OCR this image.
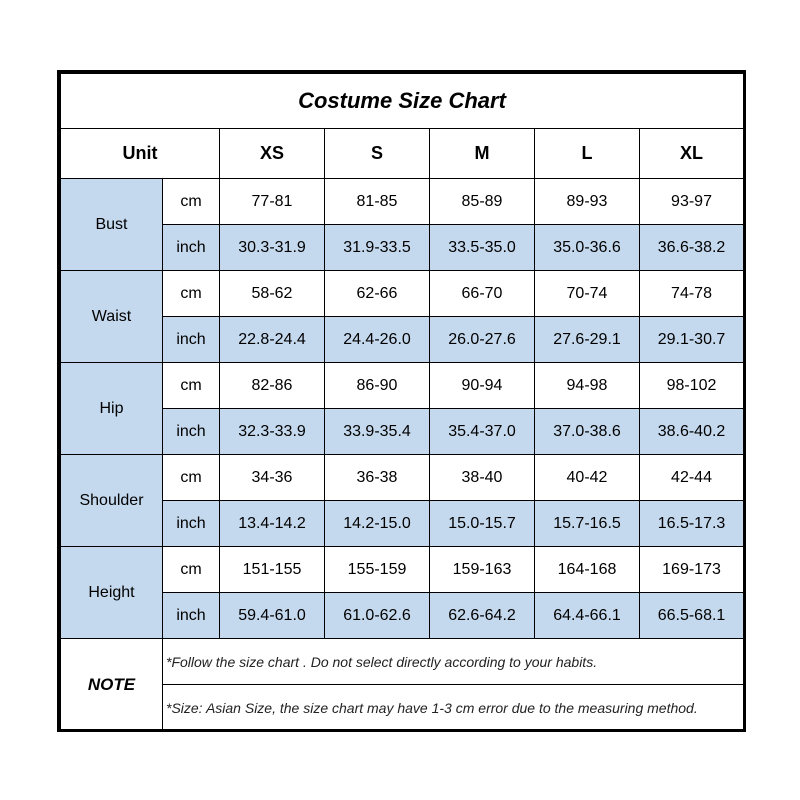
Costume Size Chart						
Unit		XS	S	M	L	XL
Bust	cm	77-81	81-85	85-89	89-93	93-97
	inch	30.3-31.9	31.9-33.5	33.5-35.0	35.0-36.6	36.6-38.2
Waist	cm	58-62	62-66	66-70	70-74	74-78
	inch	22.8-24.4	24.4-26.0	26.0-27.6	27.6-29.1	29.1-30.7
Hip	cm	82-86	86-90	90-94	94-98	98-102
	inch	32.3-33.9	33.9-35.4	35.4-37.0	37.0-38.6	38.6-40.2
Shoulder	cm	34-36	36-38	38-40	40-42	42-44
	inch	13.4-14.2	14.2-15.0	15.0-15.7	15.7-16.5	16.5-17.3
Height	cm	151-155	155-159	159-163	164-168	169-173
	inch	59.4-61.0	61.0-62.6	62.6-64.2	64.4-66.1	66.5-68.1
NOTE	*Follow the size chart . Do not select directly according to your habits.					
	*Size: Asian Size, the size chart may have 1-3 cm error due to the measuring method.					
